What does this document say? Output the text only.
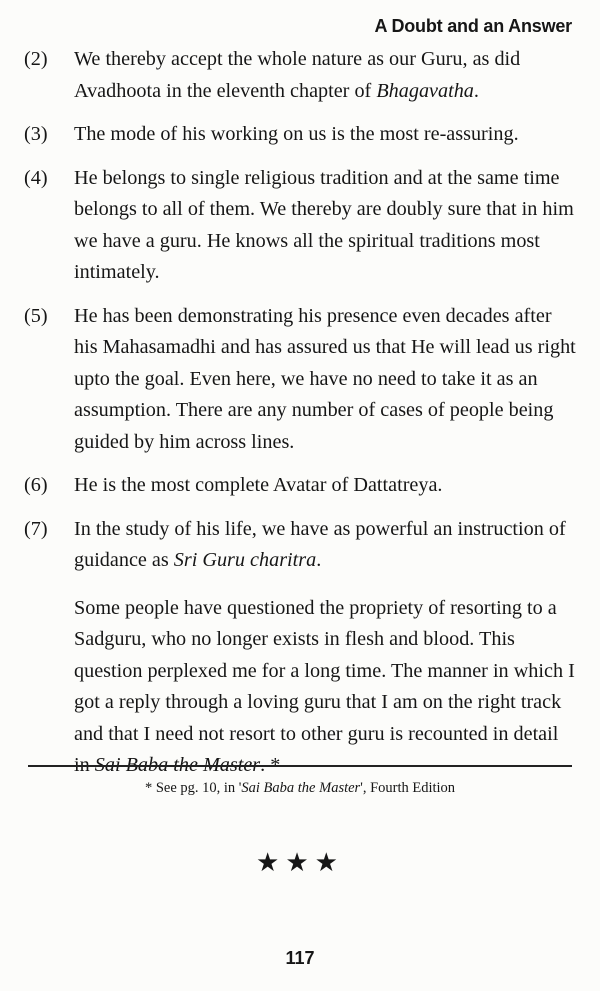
A Doubt and an Answer
(2) We thereby accept the whole nature as our Guru, as did Avadhoota in the eleventh chapter of Bhagavatha.
(3) The mode of his working on us is the most re-assuring.
(4) He belongs to single religious tradition and at the same time belongs to all of them. We thereby are doubly sure that in him we have a guru. He knows all the spiritual traditions most intimately.
(5) He has been demonstrating his presence even decades after his Mahasamadhi and has assured us that He will lead us right upto the goal. Even here, we have no need to take it as an assumption. There are any number of cases of people being guided by him across lines.
(6) He is the most complete Avatar of Dattatreya.
(7) In the study of his life, we have as powerful an instruction of guidance as Sri Guru charitra.
Some people have questioned the propriety of resorting to a Sadguru, who no longer exists in flesh and blood. This question perplexed me for a long time. The manner in which I got a reply through a loving guru that I am on the right track and that I need not resort to other guru is recounted in detail in Sai Baba the Master. *
* See pg. 10, in 'Sai Baba the Master', Fourth Edition
★★★
117
